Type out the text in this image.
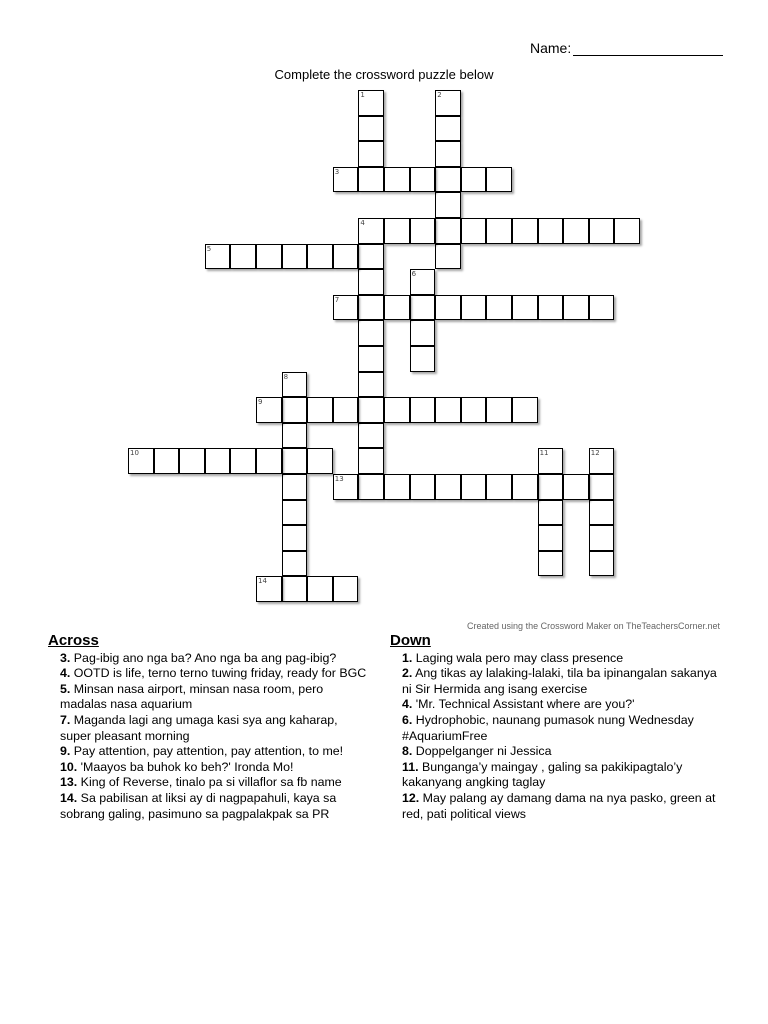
Name:
Complete the crossword puzzle below
1	2
3
4
5
6
7
8
9
10	11	12
13
14
Created using the Crossword Maker on TheTeachersCorner.net
Across
3. Pag-ibig ano nga ba? Ano nga ba ang pag-ibig?
4. OOTD is life, terno terno tuwing friday, ready for BGC
5. Minsan nasa airport, minsan nasa room, pero madalas nasa aquarium
7. Maganda lagi ang umaga kasi sya ang kaharap, super pleasant morning
9. Pay attention, pay attention, pay attention, to me!
10. 'Maayos ba buhok ko beh?' Ironda Mo!
13. King of Reverse, tinalo pa si villaflor sa fb name
14. Sa pabilisan at liksi ay di nagpapahuli, kaya sa sobrang galing, pasimuno sa pagpalakpak sa PR
Down
1. Laging wala pero may class presence
2. Ang tikas ay lalaking-lalaki, tila ba ipinangalan sakanya ni Sir Hermida ang isang exercise
4. 'Mr. Technical Assistant where are you?'
6. Hydrophobic, naunang pumasok nung Wednesday #AquariumFree
8. Doppelganger ni Jessica
11. Bunganga’y maingay , galing sa pakikipagtalo’y kakanyang angking taglay
12. May palang ay damang dama na nya pasko, green at red, pati political views
